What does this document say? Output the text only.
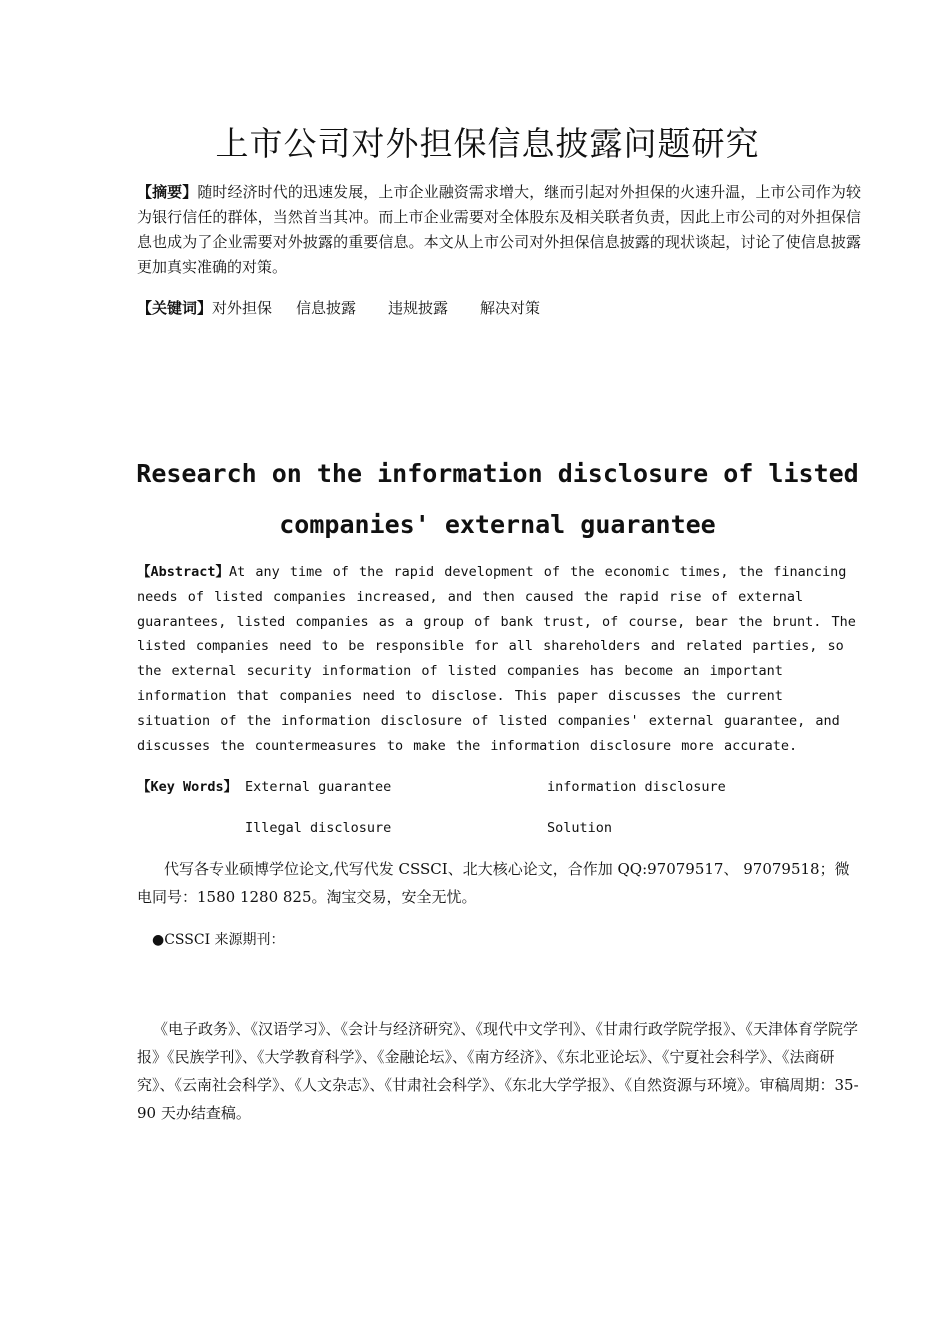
上市公司对外担保信息披露问题研究

【摘要】随时经济时代的迅速发展，上市企业融资需求增大，继而引起对外担保的火速升温，上市公司作为较为银行信任的群体，当然首当其冲。而上市企业需要对全体股东及相关联者负责，因此上市公司的对外担保信息也成为了企业需要对外披露的重要信息。本文从上市公司对外担保信息披露的现状谈起，讨论了使信息披露更加真实准确的对策。

【关键词】对外担保 信息披露 违规披露 解决对策
Research on the information disclosure of listed companies' external guarantee

【Abstract】At any time of the rapid development of the economic times, the financing needs of listed companies increased, and then caused the rapid rise of external guarantees, listed companies as a group of bank trust, of course, bear the brunt. The listed companies need to be responsible for all shareholders and related parties, so the external security information of listed companies has become an important information that companies need to disclose. This paper discusses the current situation of the information disclosure of listed companies' external guarantee, and discusses the countermeasures to make the information disclosure more accurate.

【Key Words】 External guarantee	information disclosure
Illegal disclosure	Solution

代写各专业硕博学位论文,代写代发 CSSCI、北大核心论文，合作加 QQ:97079517、 97079518；微 电同号：1580 1280 825。淘宝交易，安全无忧。

●CSSCI 来源期刊：

《电子政务》、《汉语学习》、《会计与经济研究》、《现代中文学刊》、《甘肃行政学院学报》、《天津体育学院学报》《民族学刊》、《大学教育科学》、《金融论坛》、《南方经济》、《东北亚论坛》、《宁夏社会科学》、《法商研究》、《云南社会科学》、《人文杂志》、《甘肃社会科学》、《东北大学学报》、《自然资源与环境》。审稿周期：35-90 天办结查稿。
